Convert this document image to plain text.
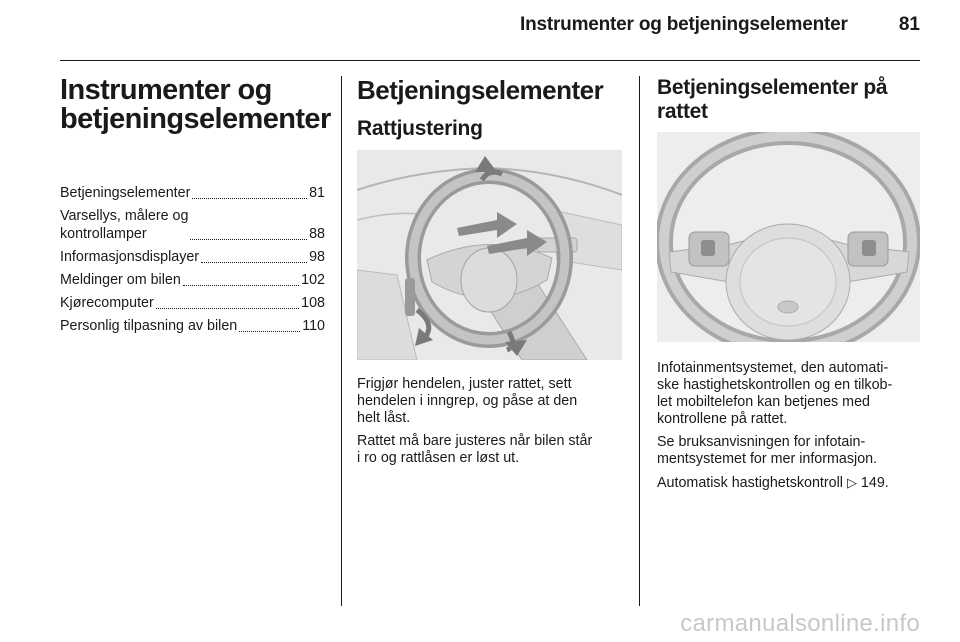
Instrumenter og betjeningselementer	81
Instrumenter og
betjeningselementer
Betjeningselementer	81
Varsellys, målere og
kontrollamper	88
Informasjonsdisplayer	98
Meldinger om bilen	102
Kjørecomputer	108
Personlig tilpasning av bilen	110
Betjeningselementer
Rattjustering

Frigjør hendelen, juster rattet, sett
hendelen i inngrep, og påse at den
helt låst.

Rattet må bare justeres når bilen står
i ro og rattlåsen er løst ut.

Betjeningselementer på
rattet

Infotainmentsystemet, den automati-
ske hastighetskontrollen og en tilkob-
let mobiltelefon kan betjenes med
kontrollene på rattet.

Se bruksanvisningen for infotain-
mentsystemet for mer informasjon.

Automatisk hastighetskontroll ▷ 149.

carmanualsonline.info
